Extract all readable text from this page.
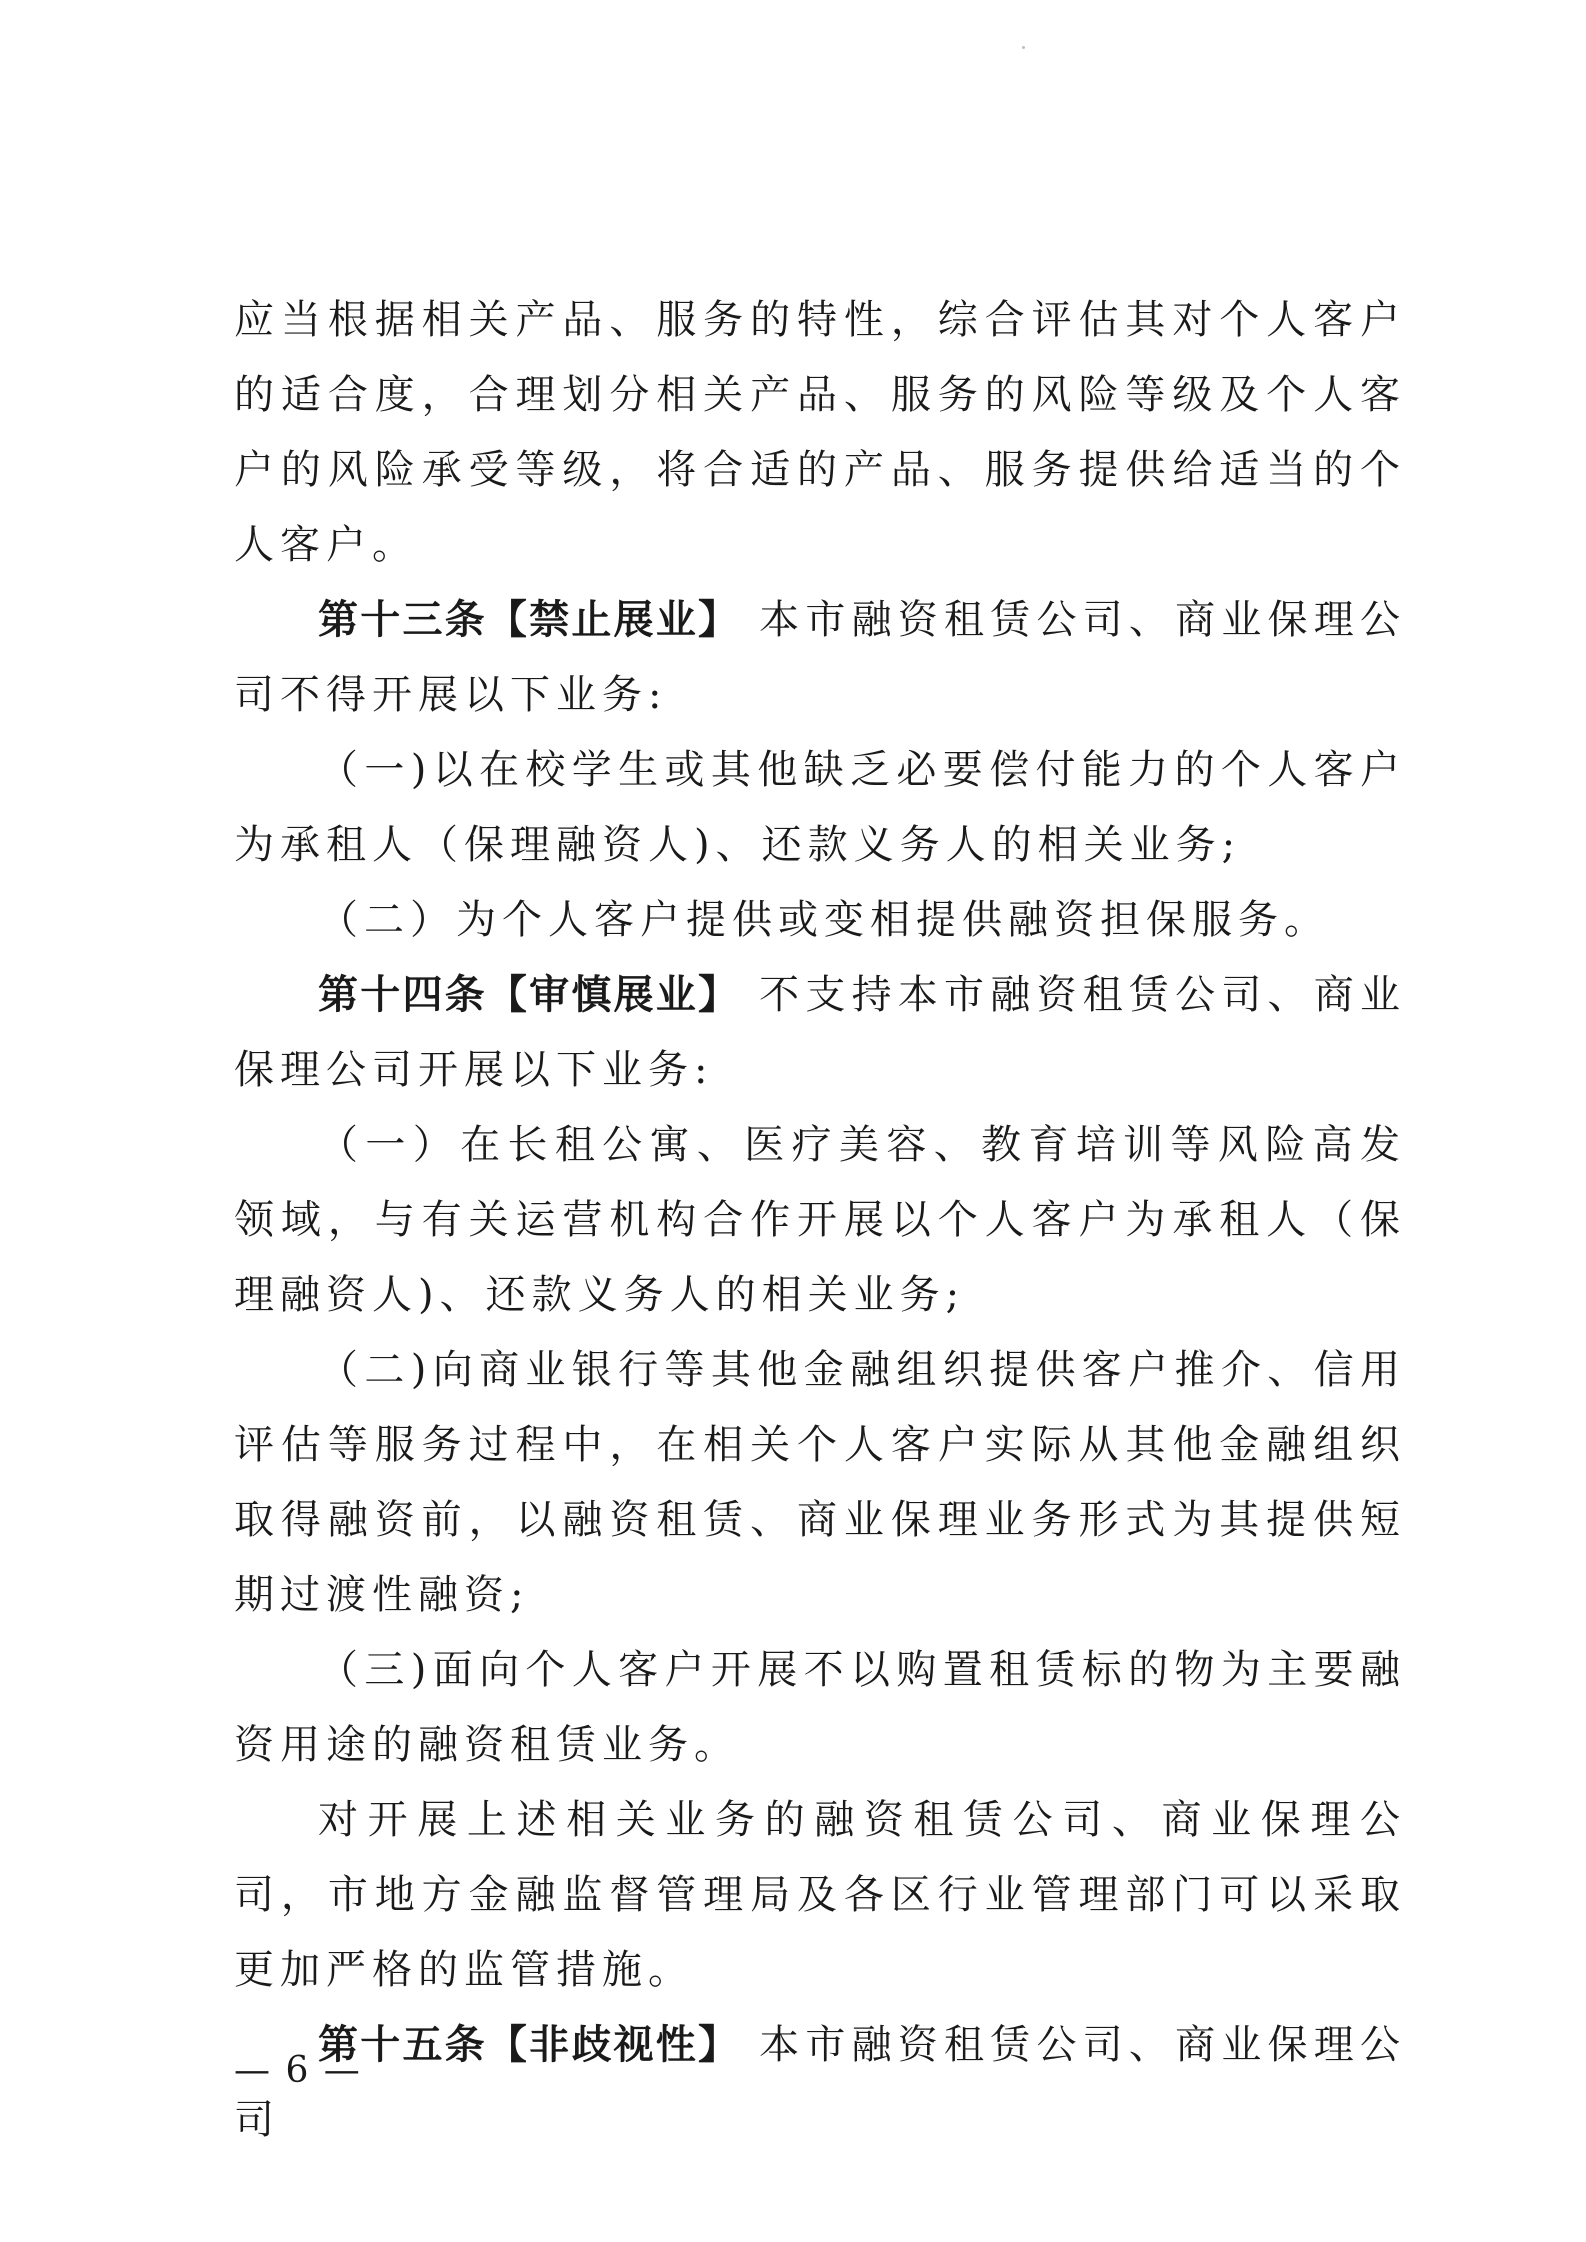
应当根据相关产品、服务的特性，综合评估其对个人客户的适合度，合理划分相关产品、服务的风险等级及个人客户的风险承受等级，将合适的产品、服务提供给适当的个人客户。

第十三条【禁止展业】 本市融资租赁公司、商业保理公司不得开展以下业务:

（一)以在校学生或其他缺乏必要偿付能力的个人客户为承租人（保理融资人)、还款义务人的相关业务;

（二）为个人客户提供或变相提供融资担保服务。

第十四条【审慎展业】 不支持本市融资租赁公司、商业保理公司开展以下业务:

（一）在长租公寓、医疗美容、教育培训等风险高发领域，与有关运营机构合作开展以个人客户为承租人（保理融资人)、还款义务人的相关业务;

（二)向商业银行等其他金融组织提供客户推介、信用评估等服务过程中，在相关个人客户实际从其他金融组织取得融资前，以融资租赁、商业保理业务形式为其提供短期过渡性融资;

（三)面向个人客户开展不以购置租赁标的物为主要融资用途的融资租赁业务。

对开展上述相关业务的融资租赁公司、商业保理公司，市地方金融监督管理局及各区行业管理部门可以采取更加严格的监管措施。

第十五条【非歧视性】 本市融资租赁公司、商业保理公司

— 6 —
